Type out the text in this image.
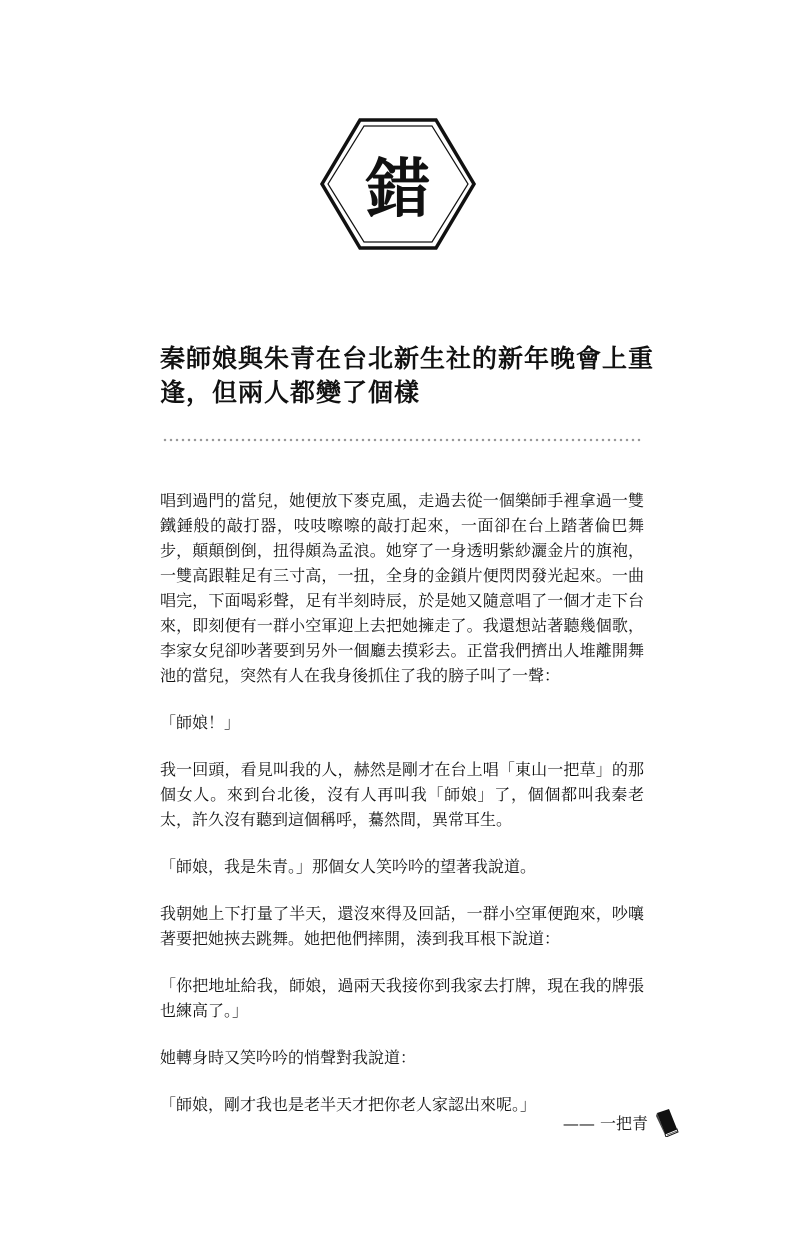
錯
秦師娘與朱青在台北新生社的新年晚會上重逢，但兩人都變了個樣

唱到過門的當兒，她便放下麥克風，走過去從一個樂師手裡拿過一雙鐵錘般的敲打器，吱吱嚓嚓的敲打起來，一面卻在台上踏著倫巴舞步，顛顛倒倒，扭得頗為孟浪。她穿了一身透明紫紗灑金片的旗袍，一雙高跟鞋足有三寸高，一扭，全身的金鎖片便閃閃發光起來。一曲唱完，下面喝彩聲，足有半刻時辰，於是她又隨意唱了一個才走下台來，即刻便有一群小空軍迎上去把她擁走了。我還想站著聽幾個歌，李家女兒卻吵著要到另外一個廳去摸彩去。正當我們擠出人堆離開舞池的當兒，突然有人在我身後抓住了我的膀子叫了一聲：

「師娘！」

我一回頭，看見叫我的人，赫然是剛才在台上唱「東山一把草」的那個女人。來到台北後，沒有人再叫我「師娘」了，個個都叫我秦老太，許久沒有聽到這個稱呼，驀然間，異常耳生。

「師娘，我是朱青。」那個女人笑吟吟的望著我說道。

我朝她上下打量了半天，還沒來得及回話，一群小空軍便跑來，吵嚷著要把她挾去跳舞。她把他們摔開，湊到我耳根下說道：

「你把地址給我，師娘，過兩天我接你到我家去打牌，現在我的牌張也練高了。」

她轉身時又笑吟吟的悄聲對我說道：

「師娘，剛才我也是老半天才把你老人家認出來呢。」

—— 一把青
